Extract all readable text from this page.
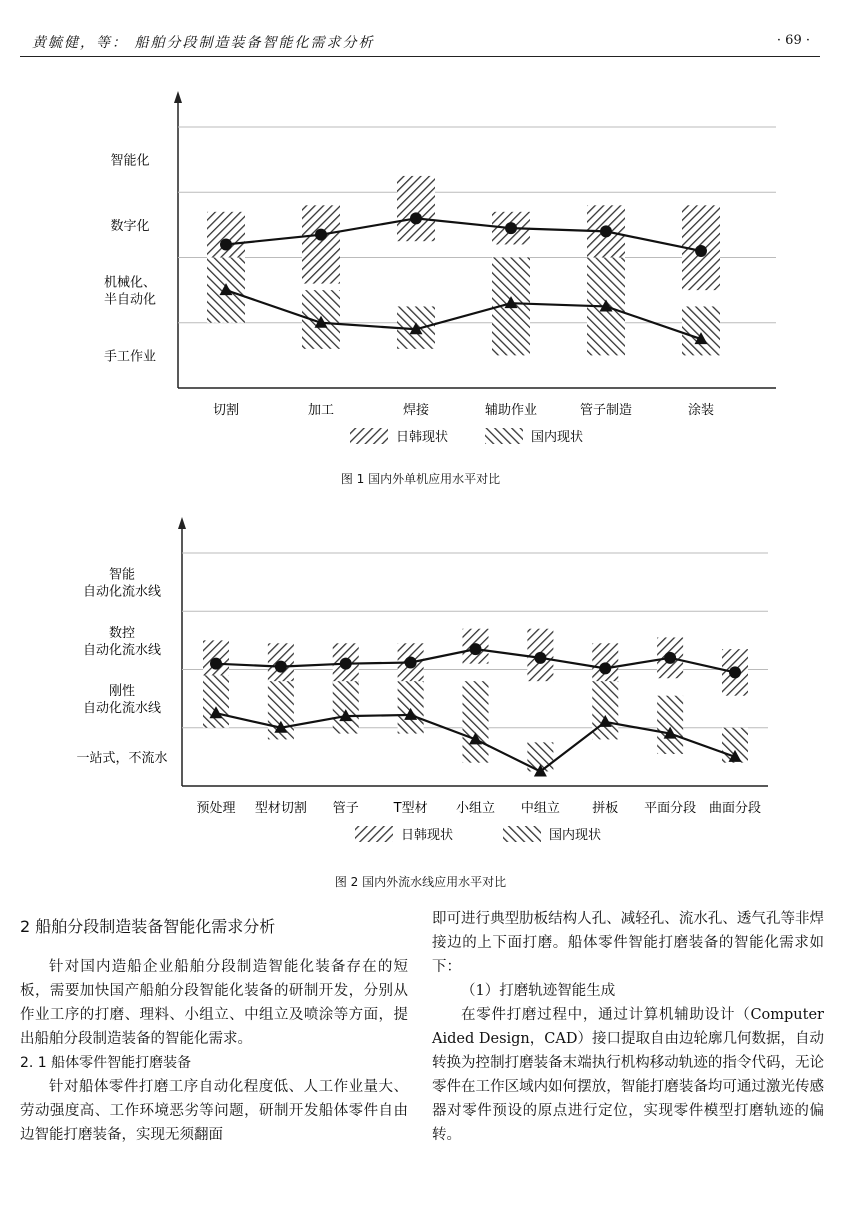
黄毓健，等： 船舶分段制造装备智能化需求分析	· 69 ·
手工作业
机械化、
半自动化
数字化
智能化
切割	加工	焊接	辅助作业	管子制造	涂装
日韩现状	国内现状
图 1 国内外单机应用水平对比
一站式，不流水
刚性
自动化流水线
数控
自动化流水线
智能
自动化流水线
预处理 型材切割 管子	T型材 小组立 中组立 拼板 平面分段 曲面分段
日韩现状	国内现状
图 2 国内外流水线应用水平对比
2 船舶分段制造装备智能化需求分析

针对国内造船企业船舶分段制造智能化装备存在的短板，需要加快国产船舶分段智能化装备的研制开发，分别从作业工序的打磨、理料、小组立、中组立及喷涂等方面，提出船舶分段制造装备的智能化需求。

2. 1 船体零件智能打磨装备

针对船体零件打磨工序自动化程度低、人工作业量大、劳动强度高、工作环境恶劣等问题，研制开发船体零件自由边智能打磨装备，实现无须翻面

即可进行典型肋板结构人孔、减轻孔、流水孔、透气孔等非焊接边的上下面打磨。船体零件智能打磨装备的智能化需求如下：

（1）打磨轨迹智能生成

在零件打磨过程中，通过计算机辅助设计（Computer Aided Design，CAD）接口提取自由边轮廓几何数据，自动转换为控制打磨装备末端执行机构移动轨迹的指令代码，无论零件在工作区域内如何摆放，智能打磨装备均可通过激光传感器对零件预设的原点进行定位，实现零件模型打磨轨迹的偏转。
